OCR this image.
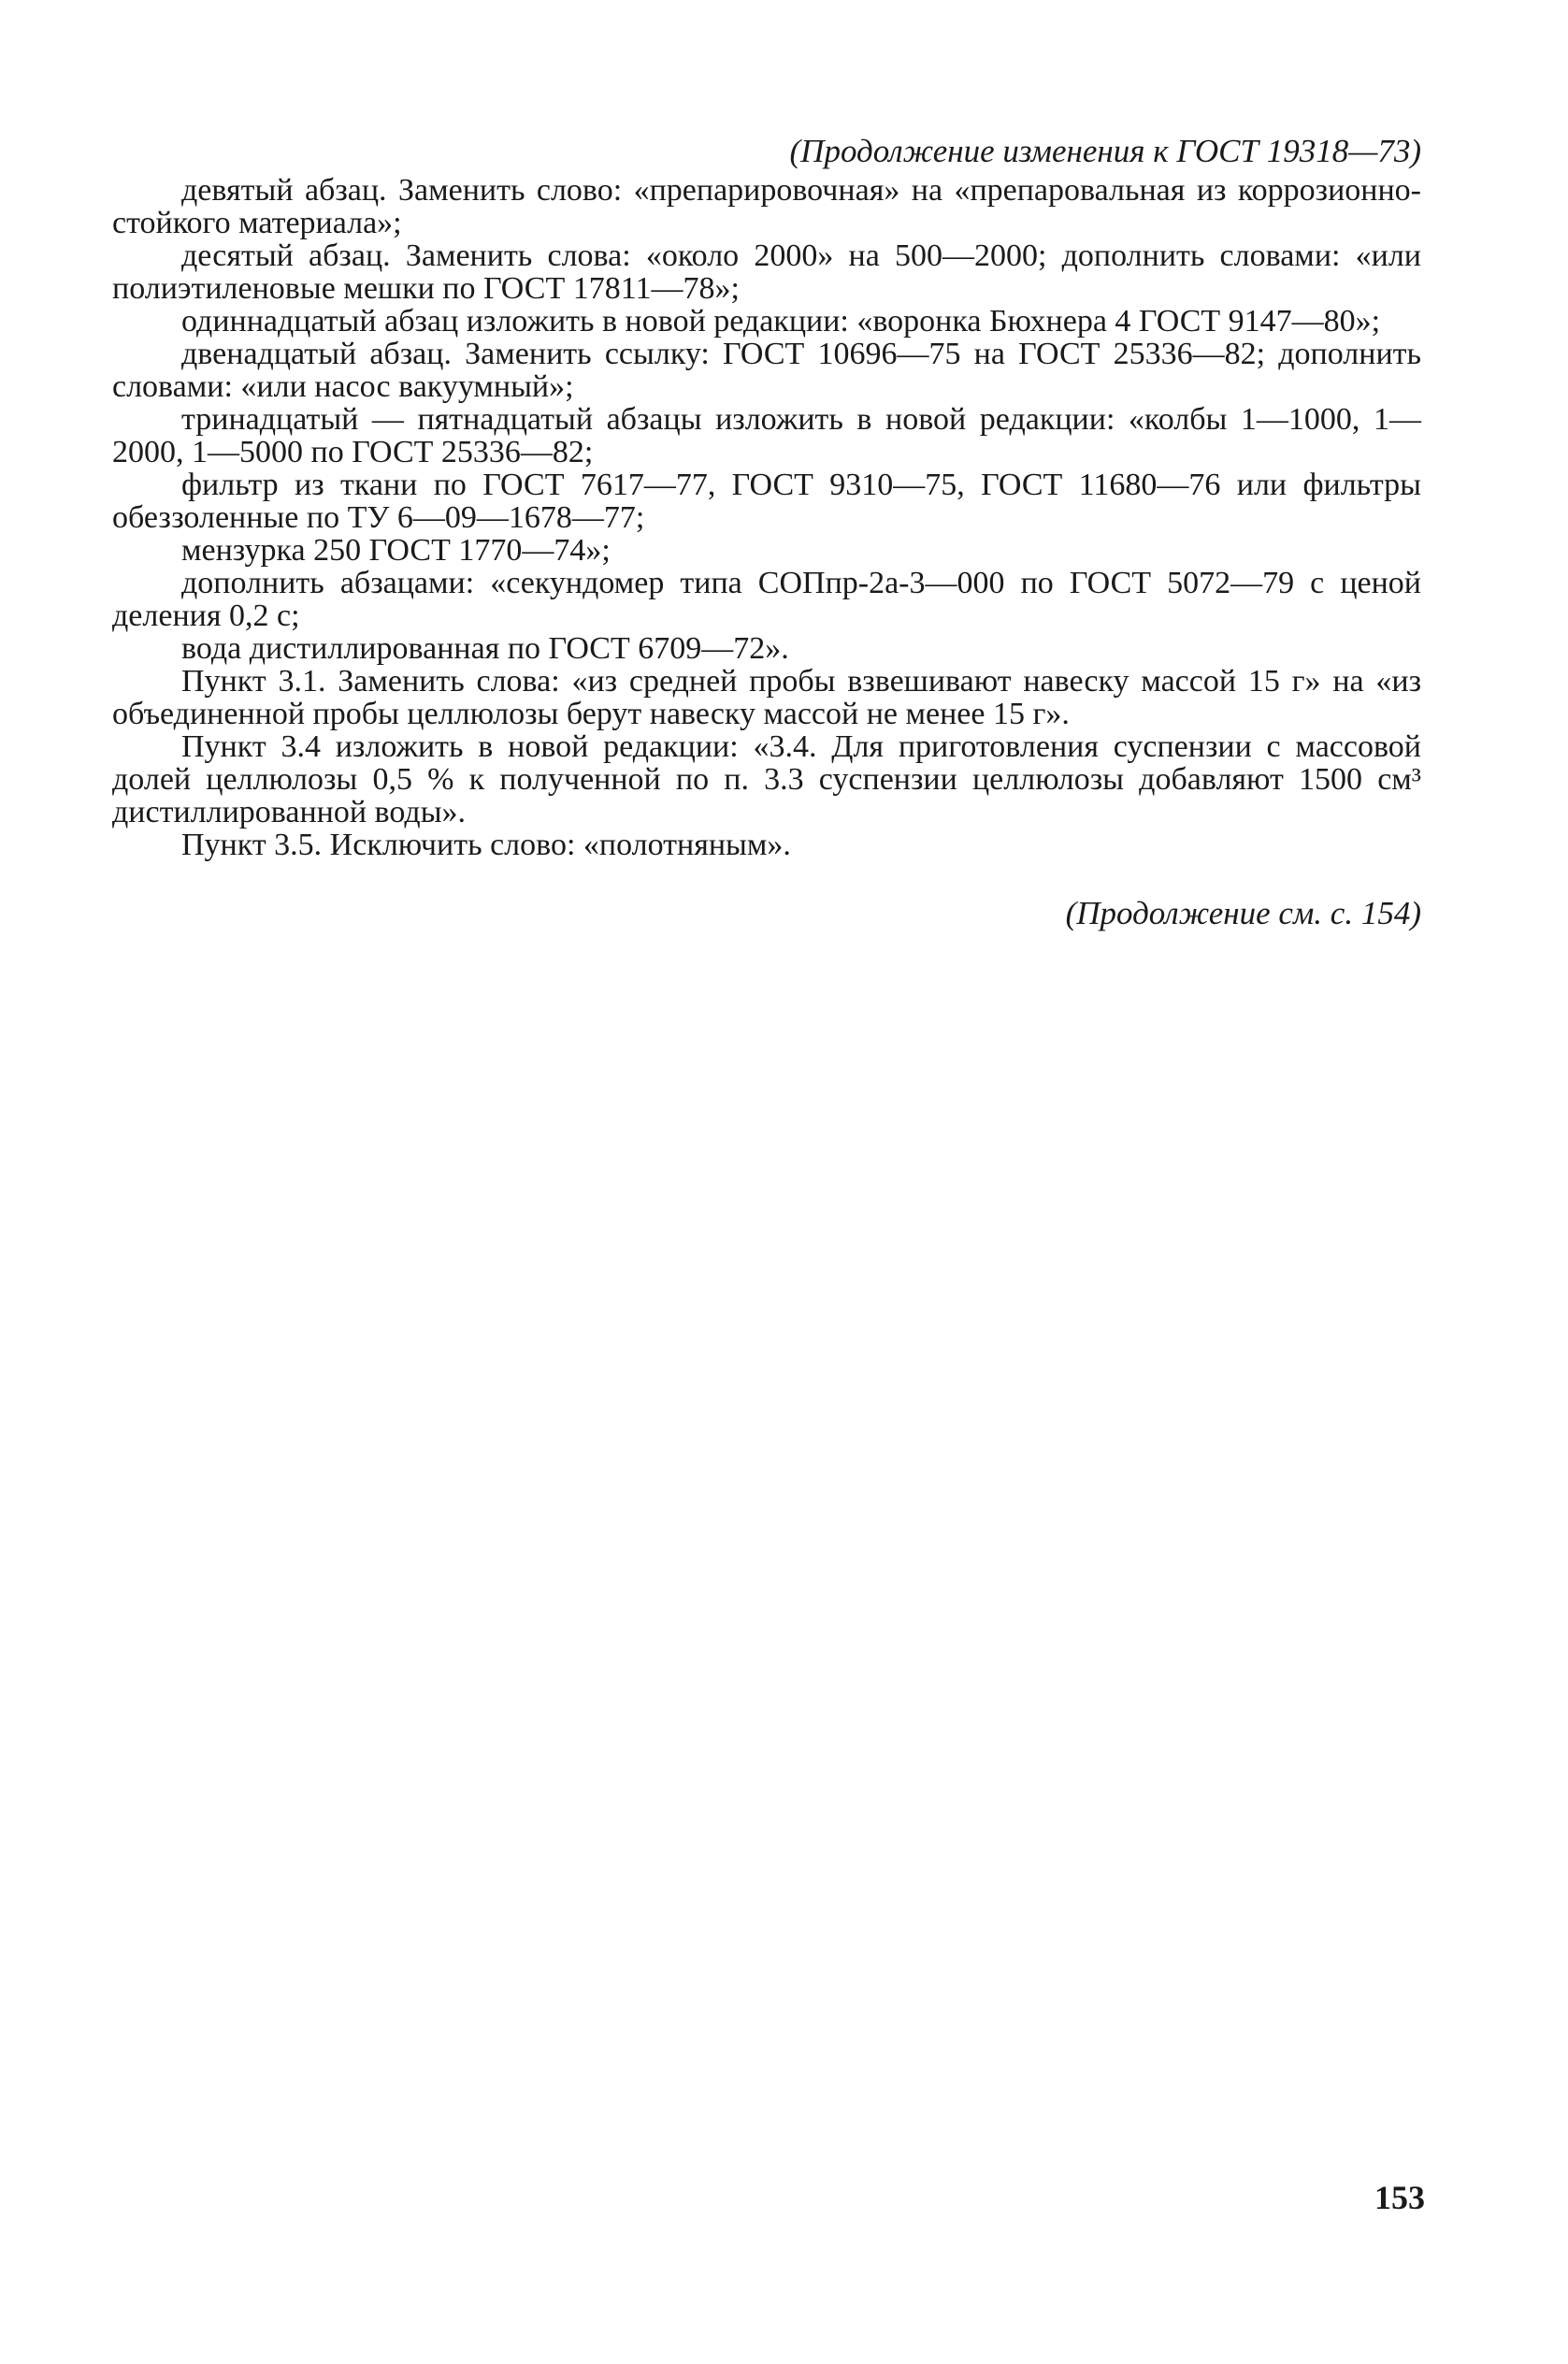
(Продолжение изменения к ГОСТ 19318—73)

девятый абзац. Заменить слово: «препарировочная» на «препаровальная из коррозионно-стойкого материала»;

десятый абзац. Заменить слова: «около 2000» на 500—2000; дополнить словами: «или полиэтиленовые мешки по ГОСТ 17811—78»;

одиннадцатый абзац изложить в новой редакции: «воронка Бюхнера 4 ГОСТ 9147—80»;

двенадцатый абзац. Заменить ссылку: ГОСТ 10696—75 на ГОСТ 25336—82; дополнить словами: «или насос вакуумный»;

тринадцатый — пятнадцатый абзацы изложить в новой редакции: «колбы 1—1000, 1—2000, 1—5000 по ГОСТ 25336—82;

фильтр из ткани по ГОСТ 7617—77, ГОСТ 9310—75, ГОСТ 11680—76 или фильтры обеззоленные по ТУ 6—09—1678—77;

мензурка 250 ГОСТ 1770—74»;

дополнить абзацами: «секундомер типа СОПпр-2а-3—000 по ГОСТ 5072—79 с ценой деления 0,2 с;

вода дистиллированная по ГОСТ 6709—72».

Пункт 3.1. Заменить слова: «из средней пробы взвешивают навеску массой 15 г» на «из объединенной пробы целлюлозы берут навеску массой не менее 15 г».

Пункт 3.4 изложить в новой редакции: «3.4. Для приготовления суспензии с массовой долей целлюлозы 0,5 % к полученной по п. 3.3 суспензии целлюлозы добавляют 1500 см³ дистиллированной воды».

Пункт 3.5. Исключить слово: «полотняным».

(Продолжение см. с. 154)
153
